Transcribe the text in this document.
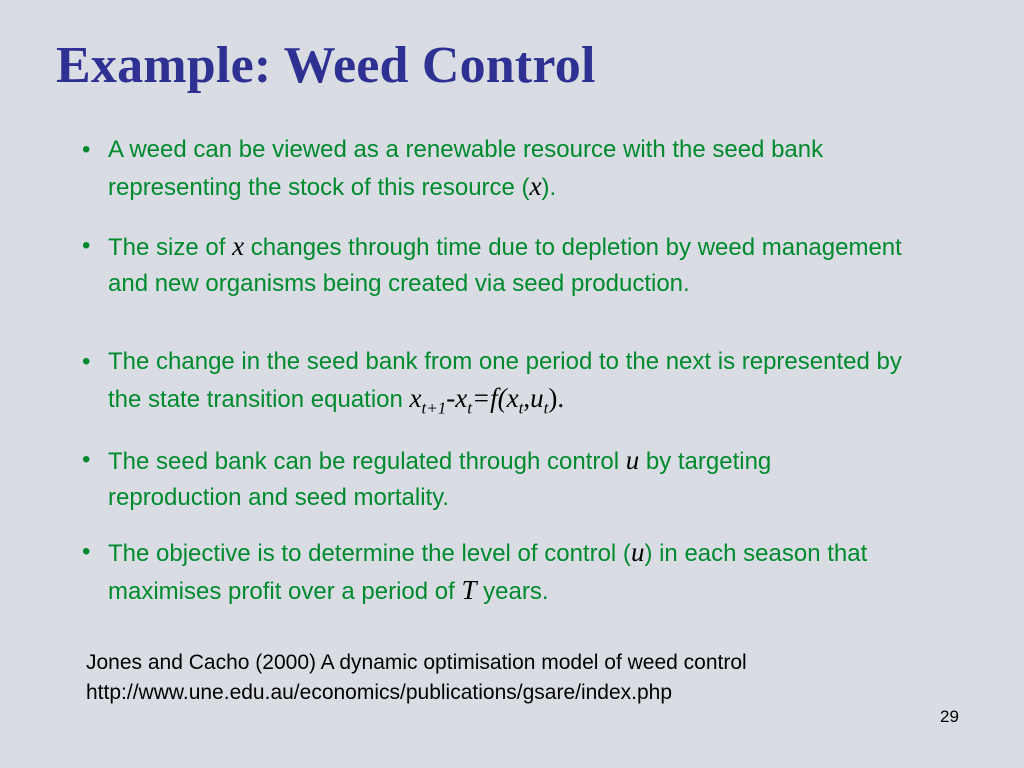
Example: Weed Control
• A weed can be viewed as a renewable resource with the seed bank representing the stock of this resource (x).
• The size of x changes through time due to depletion by weed management and new organisms being created via seed production.
• The change in the seed bank from one period to the next is represented by the state transition equation $x_{t+1}-x_t=f(x_t,u_t)$.
• The seed bank can be regulated through control u by targeting reproduction and seed mortality.
• The objective is to determine the level of control (u) in each season that maximises profit over a period of T years.
Jones and Cacho (2000) A dynamic optimisation model of weed control
http://www.une.edu.au/economics/publications/gsare/index.php
29
